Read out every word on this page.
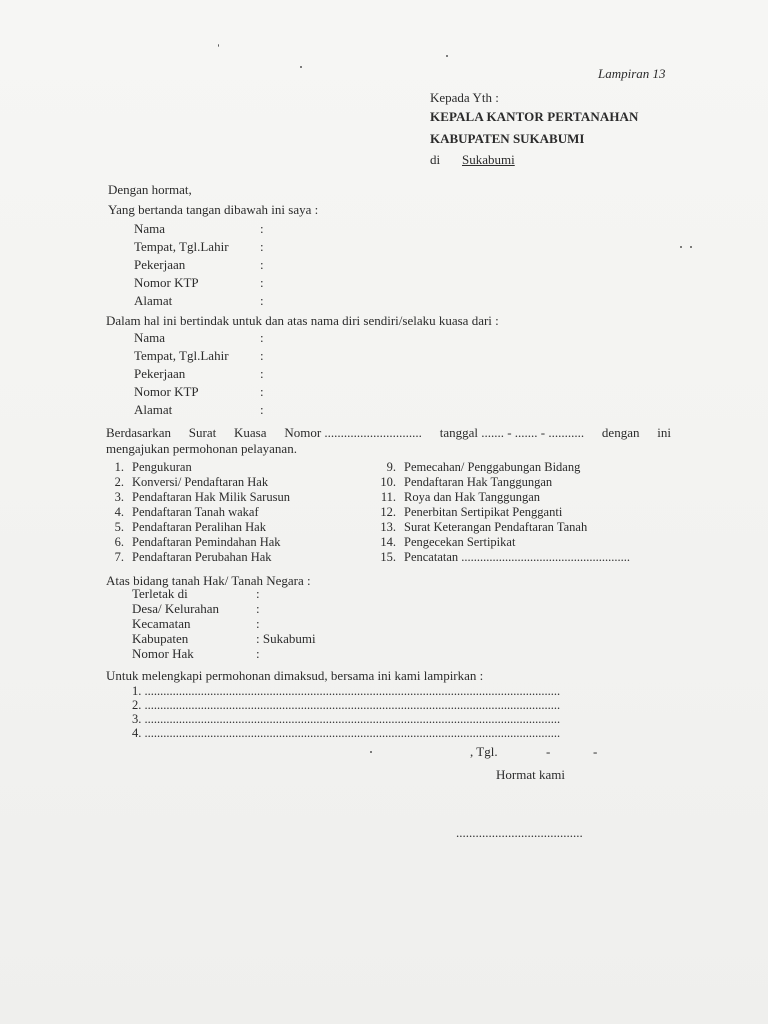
Lampiran 13
Kepada Yth :
KEPALA KANTOR PERTANAHAN
KABUPATEN SUKABUMI
di Sukabumi
Dengan hormat,
Yang bertanda tangan dibawah ini saya :
Nama	:
Tempat, Tgl.Lahir :
Pekerjaan	:
Nomor KTP	:
Alamat	:
Dalam hal ini bertindak untuk dan atas nama diri sendiri/selaku kuasa dari :
Nama	:
Tempat, Tgl.Lahir :
Pekerjaan	:
Nomor KTP	:
Alamat	:
Berdasarkan Surat Kuasa Nomor .............................. tanggal ....... - ....... - ........... dengan ini
mengajukan permohonan pelayanan.
1. Pengukuran
2. Konversi/ Pendaftaran Hak
3. Pendaftaran Hak Milik Sarusun
4. Pendaftaran Tanah wakaf
5. Pendaftaran Peralihan Hak
6. Pendaftaran Pemindahan Hak
7. Pendaftaran Perubahan Hak
9. Pemecahan/ Penggabungan Bidang
10. Pendaftaran Hak Tanggungan
11. Roya dan Hak Tanggungan
12. Penerbitan Sertipikat Pengganti
13. Surat Keterangan Pendaftaran Tanah
14. Pengecekan Sertipikat
15. Pencatatan ......................................................
Atas bidang tanah Hak/ Tanah Negara :
Terletak di	:
Desa/ Kelurahan	:
Kecamatan	:
Kabupaten	: Sukabumi
Nomor Hak	:
Untuk melengkapi permohonan dimaksud, bersama ini kami lampirkan :
1. .....................................................................................................................................
2. .....................................................................................................................................
3. .....................................................................................................................................
4. .....................................................................................................................................
, Tgl.	-	-
Hormat kami
.......................................
